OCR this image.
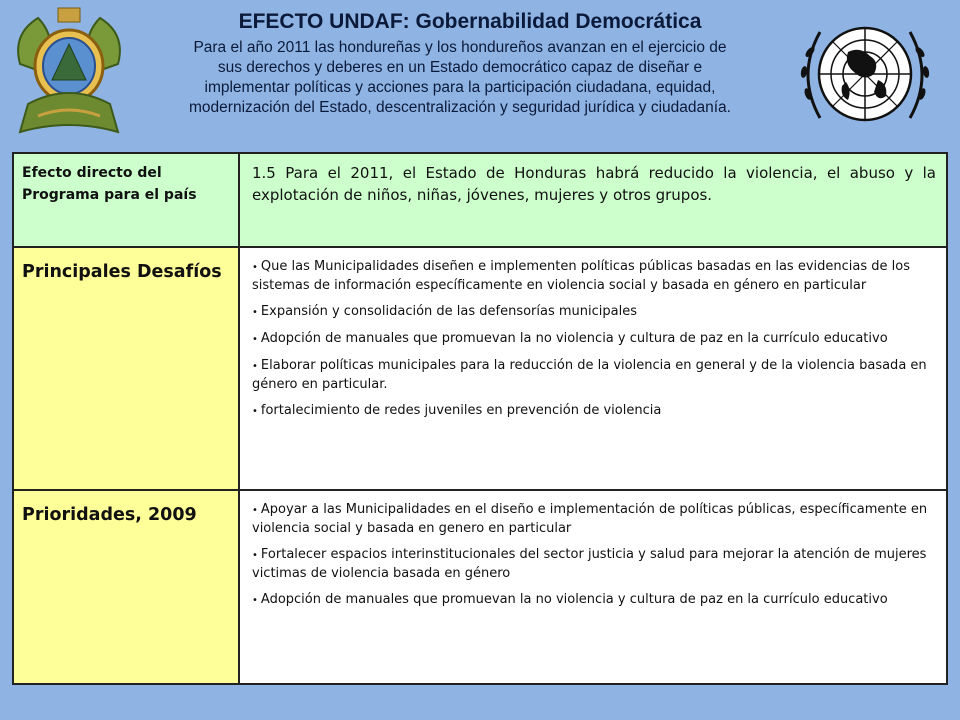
EFECTO UNDAF: Gobernabilidad Democrática
Para el año 2011 las hondureñas y los hondureños avanzan en el ejercicio de
sus derechos y deberes en un Estado democrático capaz de diseñar e
implementar políticas y acciones para la participación ciudadana, equidad,
modernización del Estado, descentralización y seguridad jurídica y ciudadanía.
Efecto directo del Programa para el país
1.5 Para el 2011, el Estado de Honduras habrá reducido la violencia, el abuso y la explotación de niños, niñas, jóvenes, mujeres y otros grupos.
Principales Desafíos	• Que las Municipalidades diseñen e implementen políticas públicas basadas en las evidencias de los sistemas de información específicamente en violencia social y basada en género en particular
• Expansión y consolidación de las defensorías municipales
• Adopción de manuales que promuevan la no violencia y cultura de paz en la currículo educativo
• Elaborar políticas municipales para la reducción de la violencia en general y de la violencia basada en género en particular.
• fortalecimiento de redes juveniles en prevención de violencia
Prioridades, 2009	• Apoyar a las Municipalidades en el diseño e implementación de políticas públicas, específicamente en violencia social y basada en genero en particular
• Fortalecer espacios interinstitucionales del sector justicia y salud para mejorar la atención de mujeres victimas de violencia basada en género
• Adopción de manuales que promuevan la no violencia y cultura de paz en la currículo educativo
